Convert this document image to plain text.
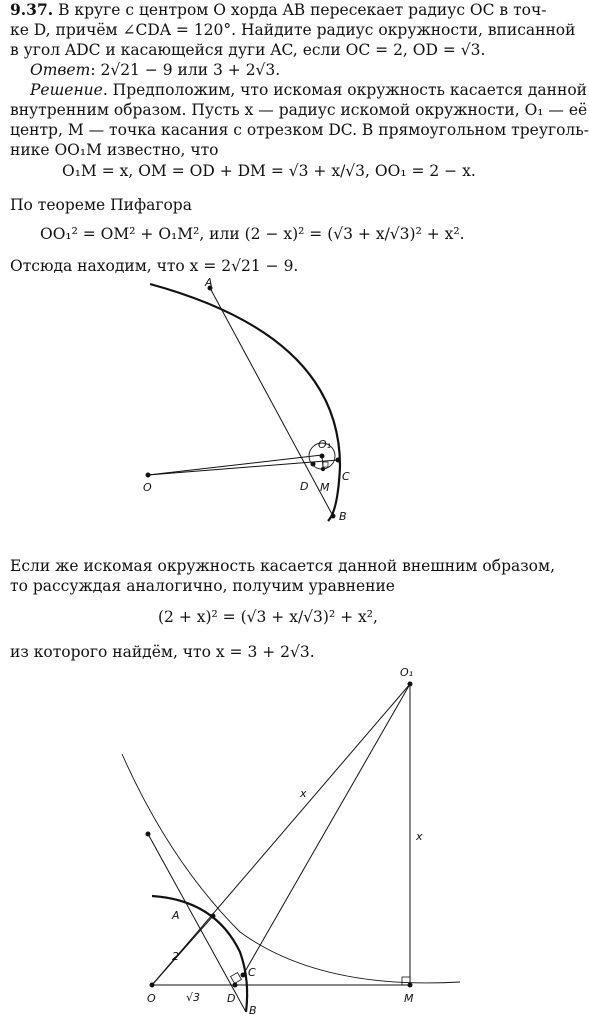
9.37. В круге с центром O хорда AB пересекает радиус OC в точ-
ке D, причём ∠CDA = 120°. Найдите радиус окружности, вписанной
в угол ADC и касающейся дуги AC, если OC = 2, OD = √3.
Ответ: 2√21 − 9 или 3 + 2√3.
Решение. Предположим, что искомая окружность касается данной
внутренним образом. Пусть x — радиус искомой окружности, O₁ — её
центр, M — точка касания с отрезком DC. В прямоугольном треуголь-
нике OO₁M известно, что
O₁M = x, OM = OD + DM = √3 + x/√3, OO₁ = 2 − x.
По теореме Пифагора
OO₁² = OM² + O₁M², или (2 − x)² = (√3 + x/√3)² + x².
Отсюда находим, что x = 2√21 − 9.
A
O	D
O₁
M
C
B
Если же искомая окружность касается данной внешним образом,
то рассуждая аналогично, получим уравнение
(2 + x)² = (√3 + x/√3)² + x²,
из которого найдём, что x = 3 + 2√3.
O₁
x
x
A
2
C
O	√3 D
B
M
